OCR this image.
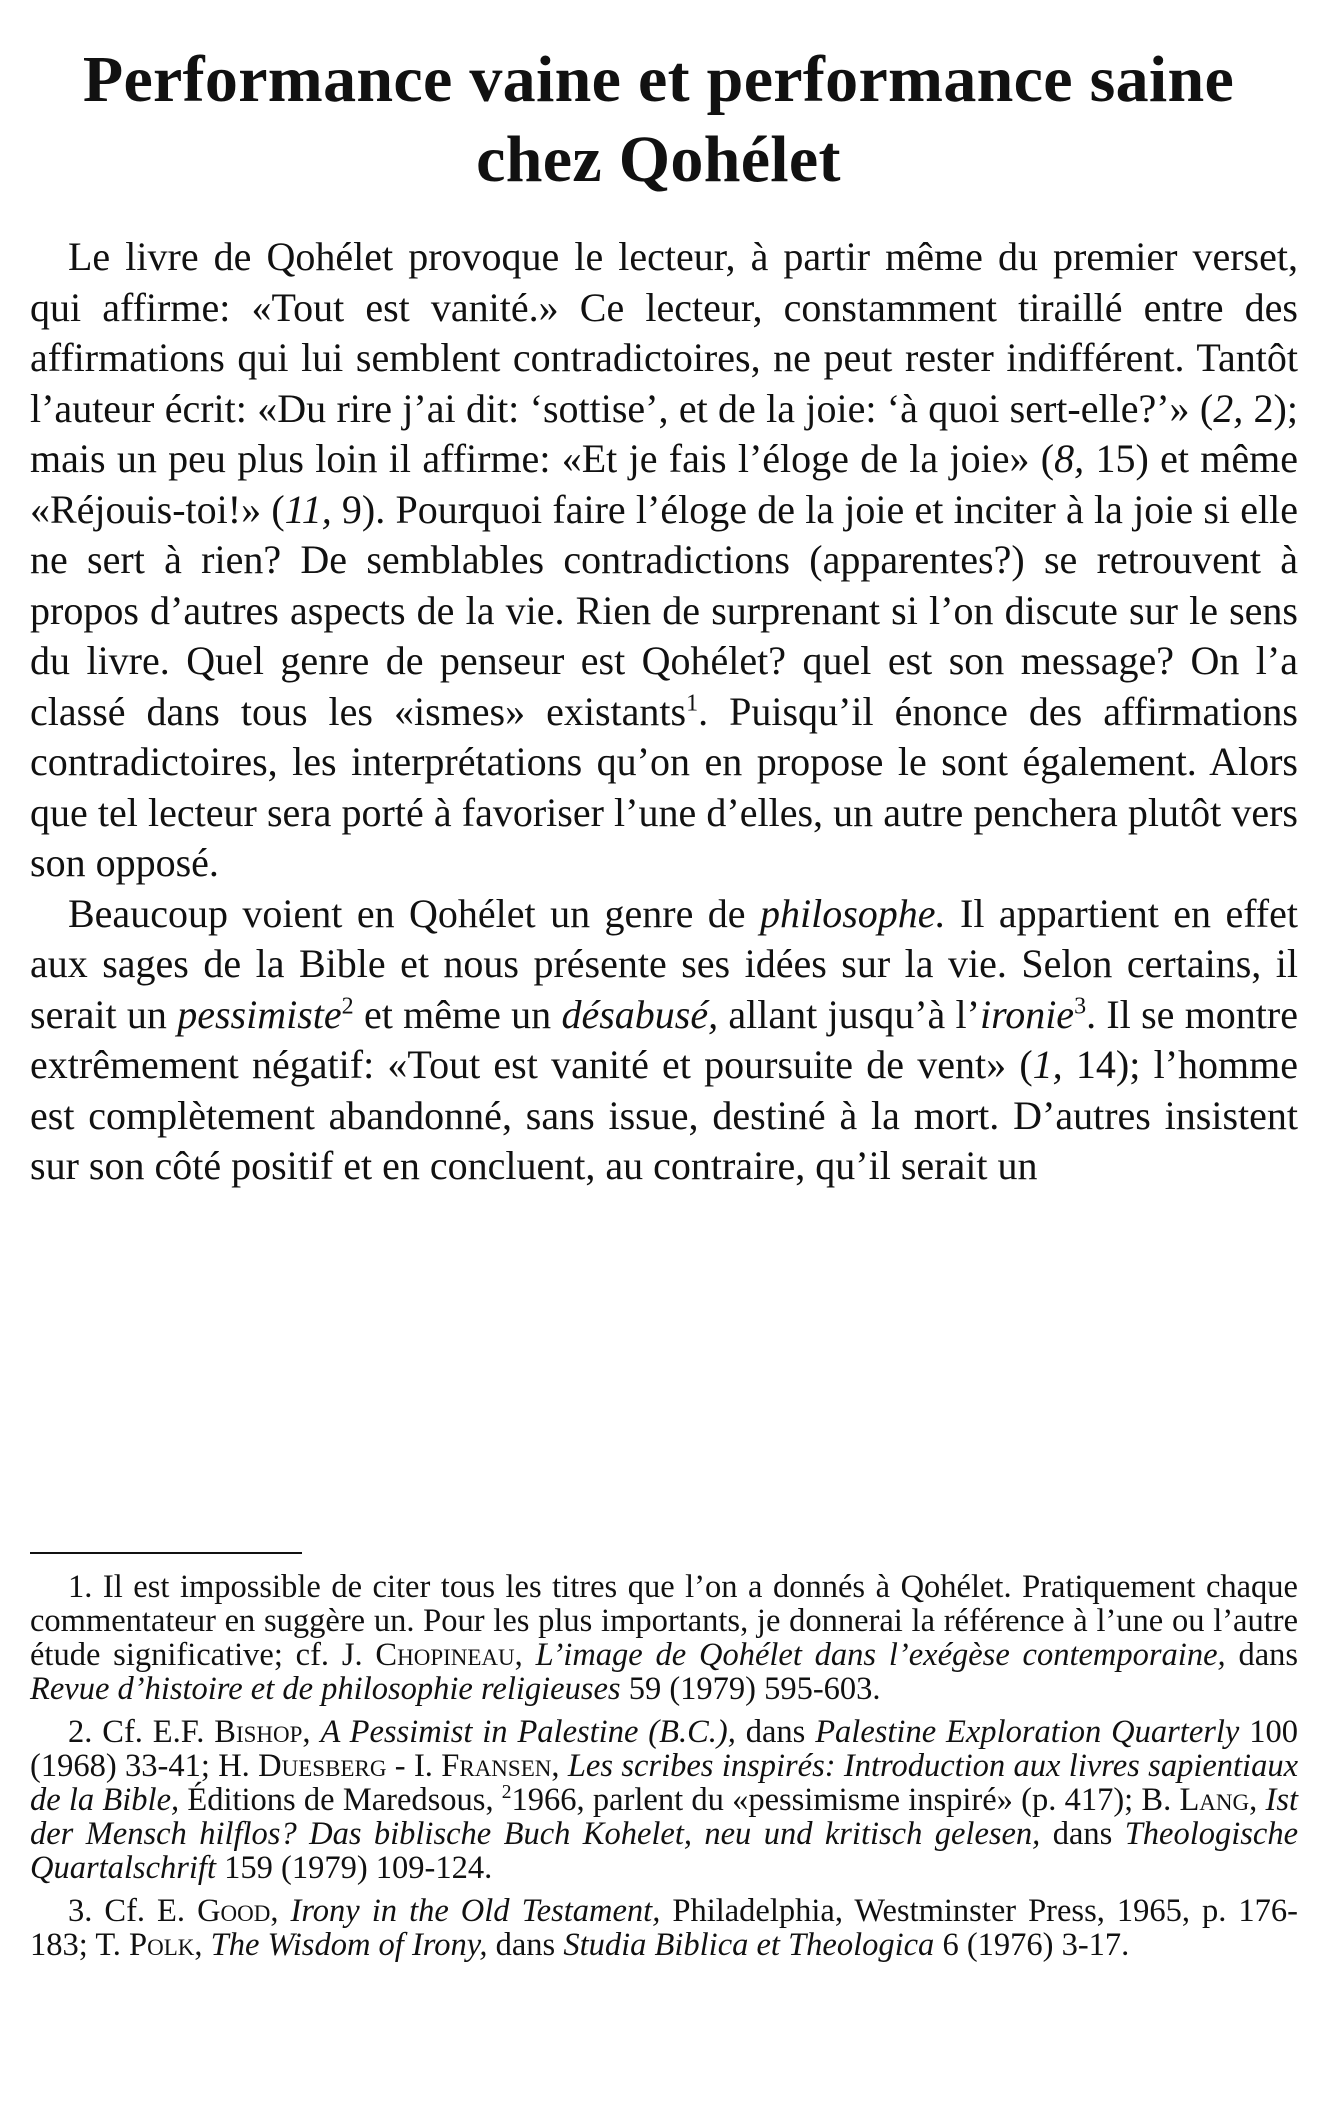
Performance vaine et performance saine
chez Qohélet

Le livre de Qohélet provoque le lecteur, à partir même du premier verset, qui affirme: «Tout est vanité.» Ce lecteur, constamment tiraillé entre des affirmations qui lui semblent contradictoires, ne peut rester indifférent. Tantôt l’auteur écrit: «Du rire j’ai dit: ‘sottise’, et de la joie: ‘à quoi sert-elle?’» (2, 2); mais un peu plus loin il affirme: «Et je fais l’éloge de la joie» (8, 15) et même «Réjouis-toi!» (11, 9). Pourquoi faire l’éloge de la joie et inciter à la joie si elle ne sert à rien? De semblables contradictions (apparentes?) se retrouvent à propos d’autres aspects de la vie. Rien de surprenant si l’on discute sur le sens du livre. Quel genre de penseur est Qohélet? quel est son message? On l’a classé dans tous les «ismes» existants$^1$. Puisqu’il énonce des affirmations contradictoires, les interprétations qu’on en propose le sont également. Alors que tel lecteur sera porté à favoriser l’une d’elles, un autre penchera plutôt vers son opposé.

Beaucoup voient en Qohélet un genre de philosophe. Il appartient en effet aux sages de la Bible et nous présente ses idées sur la vie. Selon certains, il serait un pessimiste$^2$ et même un désabusé, allant jusqu’à l’ironie$^3$. Il se montre extrêmement négatif: «Tout est vanité et poursuite de vent» (1, 14); l’homme est complètement abandonné, sans issue, destiné à la mort. D’autres insistent sur son côté positif et en concluent, au contraire, qu’il serait un

1. Il est impossible de citer tous les titres que l’on a donnés à Qohélet. Pratiquement chaque commentateur en suggère un. Pour les plus importants, je donnerai la référence à l’une ou l’autre étude significative; cf. J. Chopineau, L’image de Qohélet dans l’exégèse contemporaine, dans Revue d’histoire et de philosophie religieuses 59 (1979) 595-603.

2. Cf. E.F. Bishop, A Pessimist in Palestine (B.C.), dans Palestine Exploration Quarterly 100 (1968) 33-41; H. Duesberg - I. Fransen, Les scribes inspirés: Introduction aux livres sapientiaux de la Bible, Éditions de Maredsous, $^2$1966, parlent du «pessimisme inspiré» (p. 417); B. Lang, Ist der Mensch hilflos? Das biblische Buch Kohelet, neu und kritisch gelesen, dans Theologische Quartalschrift 159 (1979) 109-124.

3. Cf. E. Good, Irony in the Old Testament, Philadelphia, Westminster Press, 1965, p. 176-183; T. Polk, The Wisdom of Irony, dans Studia Biblica et Theologica 6 (1976) 3-17.
